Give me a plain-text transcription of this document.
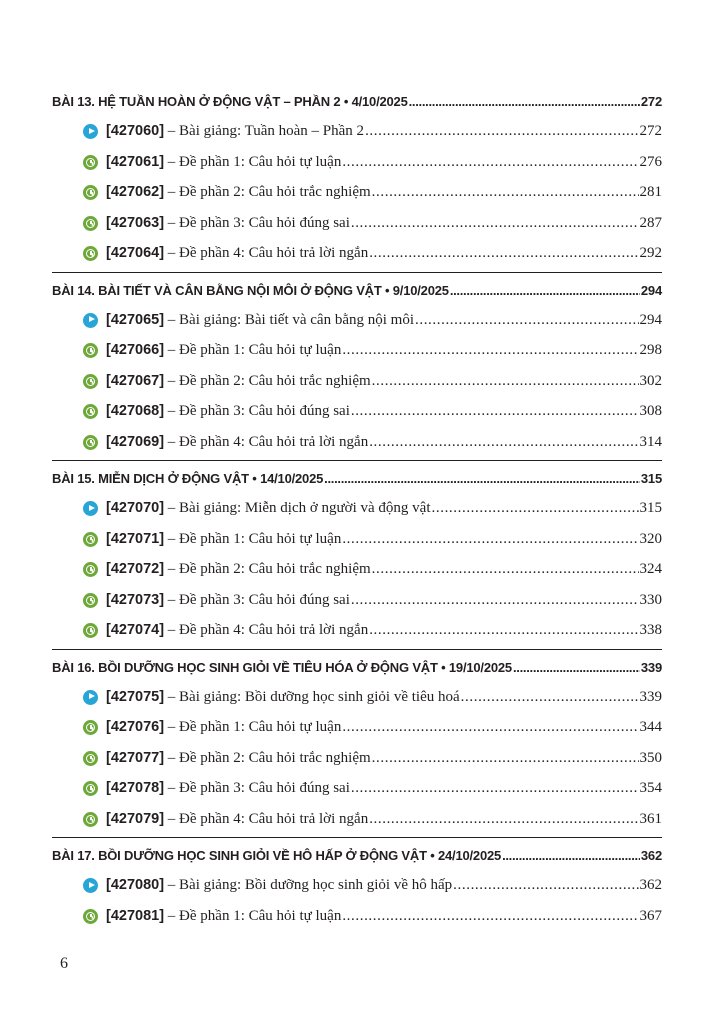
BÀI 13. HỆ TUẦN HOÀN Ở ĐỘNG VẬT – PHẦN 2 • 4/10/2025 .....	272
[427060] – Bài giảng: Tuần hoàn – Phần 2 .....	272
[427061] – Đề phần 1: Câu hỏi tự luận .....	276
[427062] – Đề phần 2: Câu hỏi trắc nghiệm .....	281
[427063] – Đề phần 3: Câu hỏi đúng sai .....	287
[427064] – Đề phần 4: Câu hỏi trả lời ngắn .....	292
BÀI 14. BÀI TIẾT VÀ CÂN BẰNG NỘI MÔI Ở ĐỘNG VẬT • 9/10/2025 .....	294
[427065] – Bài giảng: Bài tiết và cân bằng nội môi .....	294
[427066] – Đề phần 1: Câu hỏi tự luận .....	298
[427067] – Đề phần 2: Câu hỏi trắc nghiệm .....	302
[427068] – Đề phần 3: Câu hỏi đúng sai .....	308
[427069] – Đề phần 4: Câu hỏi trả lời ngắn .....	314
BÀI 15. MIỄN DỊCH Ở ĐỘNG VẬT • 14/10/2025 .....	315
[427070] – Bài giảng: Miễn dịch ở người và động vật .....	315
[427071] – Đề phần 1: Câu hỏi tự luận .....	320
[427072] – Đề phần 2: Câu hỏi trắc nghiệm .....	324
[427073] – Đề phần 3: Câu hỏi đúng sai .....	330
[427074] – Đề phần 4: Câu hỏi trả lời ngắn .....	338
BÀI 16. BỒI DƯỠNG HỌC SINH GIỎI VỀ TIÊU HÓA Ở ĐỘNG VẬT • 19/10/2025 .....	339
[427075] – Bài giảng: Bồi dưỡng học sinh giỏi về tiêu hoá .....	339
[427076] – Đề phần 1: Câu hỏi tự luận .....	344
[427077] – Đề phần 2: Câu hỏi trắc nghiệm .....	350
[427078] – Đề phần 3: Câu hỏi đúng sai .....	354
[427079] – Đề phần 4: Câu hỏi trả lời ngắn .....	361
BÀI 17. BỒI DƯỠNG HỌC SINH GIỎI VỀ HÔ HẤP Ở ĐỘNG VẬT • 24/10/2025 .....	362
[427080] – Bài giảng: Bồi dưỡng học sinh giỏi về hô hấp .....	362
[427081] – Đề phần 1: Câu hỏi tự luận .....	367
6
